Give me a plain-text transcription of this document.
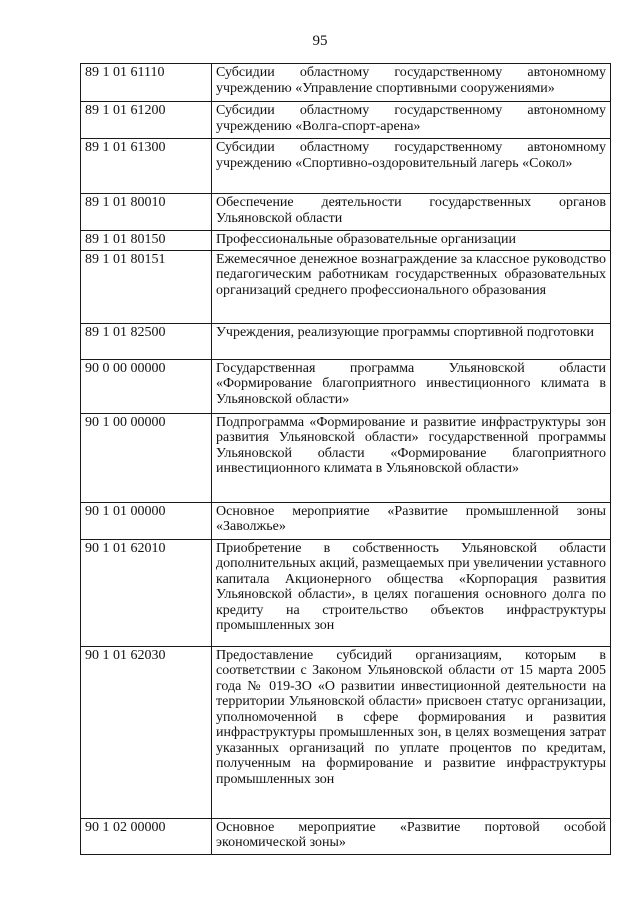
95
89 1 01 61110	Субсидии областному государственному автономному учреждению «Управление спортивными сооружениями»
89 1 01 61200	Субсидии областному государственному автономному учреждению «Волга-спорт-арена»
89 1 01 61300	Субсидии областному государственному автономному учреждению «Спортивно-оздоровительный лагерь «Сокол»
89 1 01 80010	Обеспечение деятельности государственных органов Ульяновской области
89 1 01 80150	Профессиональные образовательные организации
89 1 01 80151	Ежемесячное денежное вознаграждение за классное руководство педагогическим работникам государственных образовательных организаций среднего профессионального образования
89 1 01 82500	Учреждения, реализующие программы спортивной подготовки
90 0 00 00000	Государственная программа Ульяновской области «Формирование благоприятного инвестиционного климата в Ульяновской области»
90 1 00 00000	Подпрограмма «Формирование и развитие инфраструктуры зон развития Ульяновской области» государственной программы Ульяновской области «Формирование благоприятного инвестиционного климата в Ульяновской области»
90 1 01 00000	Основное мероприятие «Развитие промышленной зоны «Заволжье»
90 1 01 62010	Приобретение в собственность Ульяновской области дополнительных акций, размещаемых при увеличении уставного капитала Акционерного общества «Корпорация развития Ульяновской области», в целях погашения основного долга по кредиту на строительство объектов инфраструктуры промышленных зон
90 1 01 62030	Предоставление субсидий организациям, которым в соответствии с Законом Ульяновской области от 15 марта 2005 года № 019-ЗО «О развитии инвестиционной деятельности на территории Ульяновской области» присвоен статус организации, уполномоченной в сфере формирования и развития инфраструктуры промышленных зон, в целях возмещения затрат указанных организаций по уплате процентов по кредитам, полученным на формирование и развитие инфраструктуры промышленных зон
90 1 02 00000	Основное мероприятие «Развитие портовой особой экономической зоны»
